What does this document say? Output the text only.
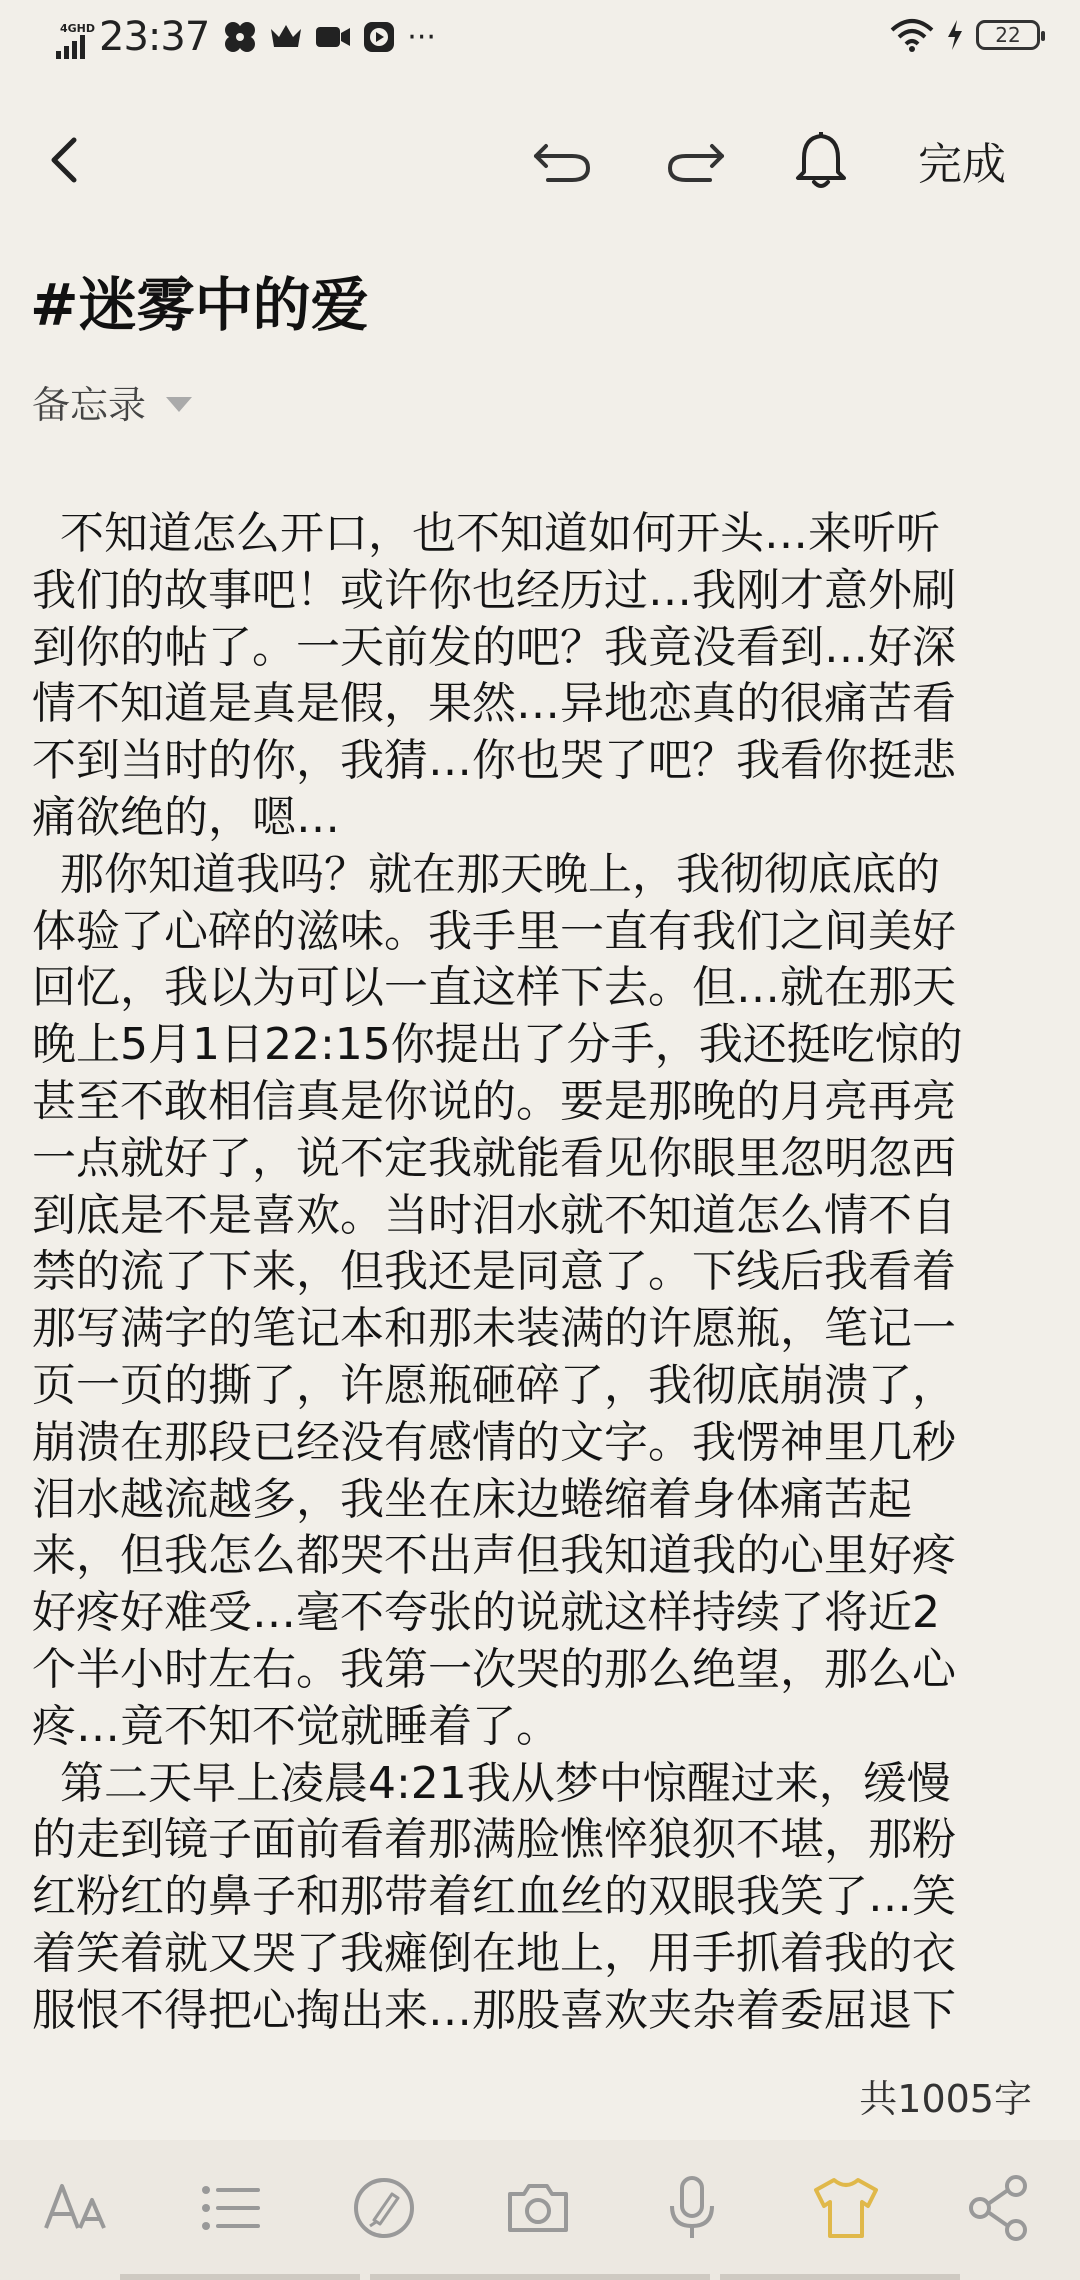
4GHD 23:37	···	22
完成
#迷雾中的爱
备忘录

不知道怎么开口，也不知道如何开头…来听听

我们的故事吧！或许你也经历过…我刚才意外刷

到你的帖了。一天前发的吧？我竟没看到…好深

情不知道是真是假，果然…异地恋真的很痛苦看

不到当时的你，我猜…你也哭了吧？我看你挺悲

痛欲绝的，嗯…

那你知道我吗？就在那天晚上，我彻彻底底的

体验了心碎的滋味。我手里一直有我们之间美好

回忆，我以为可以一直这样下去。但…就在那天

晚上5月1日22:15你提出了分手，我还挺吃惊的

甚至不敢相信真是你说的。要是那晚的月亮再亮

一点就好了，说不定我就能看见你眼里忽明忽西

到底是不是喜欢。当时泪水就不知道怎么情不自

禁的流了下来，但我还是同意了。下线后我看着

那写满字的笔记本和那未装满的许愿瓶，笔记一

页一页的撕了，许愿瓶砸碎了，我彻底崩溃了，

崩溃在那段已经没有感情的文字。我愣神里几秒

泪水越流越多，我坐在床边蜷缩着身体痛苦起

来，但我怎么都哭不出声但我知道我的心里好疼

好疼好难受…毫不夸张的说就这样持续了将近2

个半小时左右。我第一次哭的那么绝望，那么心

疼…竟不知不觉就睡着了。

第二天早上凌晨4:21我从梦中惊醒过来，缓慢

的走到镜子面前看着那满脸憔悴狼狈不堪，那粉

红粉红的鼻子和那带着红血丝的双眼我笑了…笑

着笑着就又哭了我瘫倒在地上，用手抓着我的衣

服恨不得把心掏出来…那股喜欢夹杂着委屈退下

共1005字
